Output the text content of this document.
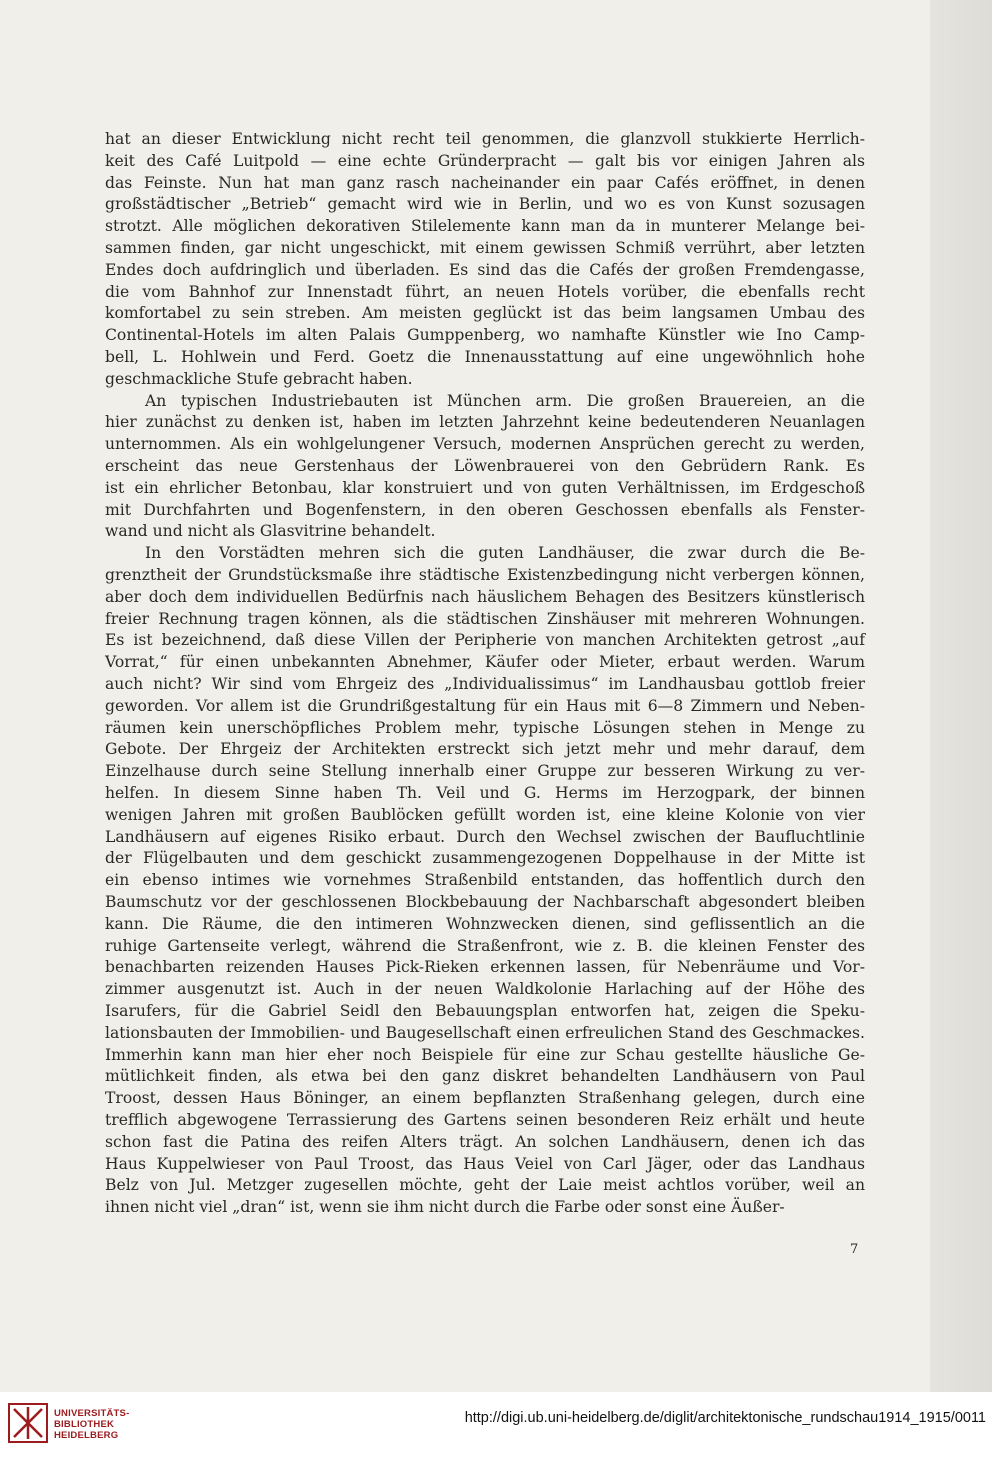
hat an dieser Entwicklung nicht recht teil genommen, die glanzvoll stukkierte Herrlich-
keit des Café Luitpold — eine echte Gründerpracht — galt bis vor einigen Jahren als
das Feinste. Nun hat man ganz rasch nacheinander ein paar Cafés eröffnet, in denen
großstädtischer „Betrieb“ gemacht wird wie in Berlin, und wo es von Kunst sozusagen
strotzt. Alle möglichen dekorativen Stilelemente kann man da in munterer Melange bei-
sammen finden, gar nicht ungeschickt, mit einem gewissen Schmiß verrührt, aber letzten
Endes doch aufdringlich und überladen. Es sind das die Cafés der großen Fremdengasse,
die vom Bahnhof zur Innenstadt führt, an neuen Hotels vorüber, die ebenfalls recht
komfortabel zu sein streben. Am meisten geglückt ist das beim langsamen Umbau des
Continental-Hotels im alten Palais Gumppenberg, wo namhafte Künstler wie Ino Camp-
bell, L. Hohlwein und Ferd. Goetz die Innenausstattung auf eine ungewöhnlich hohe
geschmackliche Stufe gebracht haben.
An typischen Industriebauten ist München arm. Die großen Brauereien, an die
hier zunächst zu denken ist, haben im letzten Jahrzehnt keine bedeutenderen Neuanlagen
unternommen. Als ein wohlgelungener Versuch, modernen Ansprüchen gerecht zu werden,
erscheint das neue Gerstenhaus der Löwenbrauerei von den Gebrüdern Rank. Es
ist ein ehrlicher Betonbau, klar konstruiert und von guten Verhältnissen, im Erdgeschoß
mit Durchfahrten und Bogenfenstern, in den oberen Geschossen ebenfalls als Fenster-
wand und nicht als Glasvitrine behandelt.
In den Vorstädten mehren sich die guten Landhäuser, die zwar durch die Be-
grenztheit der Grundstücksmaße ihre städtische Existenzbedingung nicht verbergen können,
aber doch dem individuellen Bedürfnis nach häuslichem Behagen des Besitzers künstlerisch
freier Rechnung tragen können, als die städtischen Zinshäuser mit mehreren Wohnungen.
Es ist bezeichnend, daß diese Villen der Peripherie von manchen Architekten getrost „auf
Vorrat,“ für einen unbekannten Abnehmer, Käufer oder Mieter, erbaut werden. Warum
auch nicht? Wir sind vom Ehrgeiz des „Individualissimus“ im Landhausbau gottlob freier
geworden. Vor allem ist die Grundrißgestaltung für ein Haus mit 6—8 Zimmern und Neben-
räumen kein unerschöpfliches Problem mehr, typische Lösungen stehen in Menge zu
Gebote. Der Ehrgeiz der Architekten erstreckt sich jetzt mehr und mehr darauf, dem
Einzelhause durch seine Stellung innerhalb einer Gruppe zur besseren Wirkung zu ver-
helfen. In diesem Sinne haben Th. Veil und G. Herms im Herzogpark, der binnen
wenigen Jahren mit großen Baublöcken gefüllt worden ist, eine kleine Kolonie von vier
Landhäusern auf eigenes Risiko erbaut. Durch den Wechsel zwischen der Baufluchtlinie
der Flügelbauten und dem geschickt zusammengezogenen Doppelhause in der Mitte ist
ein ebenso intimes wie vornehmes Straßenbild entstanden, das hoffentlich durch den
Baumschutz vor der geschlossenen Blockbebauung der Nachbarschaft abgesondert bleiben
kann. Die Räume, die den intimeren Wohnzwecken dienen, sind geflissentlich an die
ruhige Gartenseite verlegt, während die Straßenfront, wie z. B. die kleinen Fenster des
benachbarten reizenden Hauses Pick-Rieken erkennen lassen, für Nebenräume und Vor-
zimmer ausgenutzt ist. Auch in der neuen Waldkolonie Harlaching auf der Höhe des
Isarufers, für die Gabriel Seidl den Bebauungsplan entworfen hat, zeigen die Speku-
lationsbauten der Immobilien- und Baugesellschaft einen erfreulichen Stand des Geschmackes.
Immerhin kann man hier eher noch Beispiele für eine zur Schau gestellte häusliche Ge-
mütlichkeit finden, als etwa bei den ganz diskret behandelten Landhäusern von Paul
Troost, dessen Haus Böninger, an einem bepflanzten Straßenhang gelegen, durch eine
trefflich abgewogene Terrassierung des Gartens seinen besonderen Reiz erhält und heute
schon fast die Patina des reifen Alters trägt. An solchen Landhäusern, denen ich das
Haus Kuppelwieser von Paul Troost, das Haus Veiel von Carl Jäger, oder das Landhaus
Belz von Jul. Metzger zugesellen möchte, geht der Laie meist achtlos vorüber, weil an
ihnen nicht viel „dran“ ist, wenn sie ihm nicht durch die Farbe oder sonst eine Äußer-
7
UNIVERSITÄTS-
BIBLIOTHEK
HEIDELBERG
http://digi.ub.uni-heidelberg.de/diglit/architektonische_rundschau1914_1915/0011
